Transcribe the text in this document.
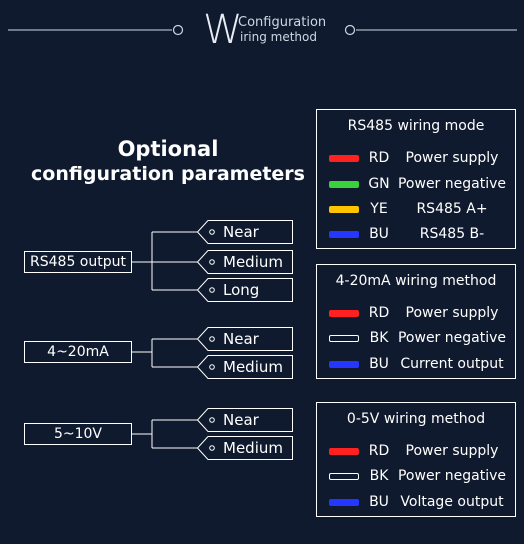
W
Configuration
iring method
Optional
configuration parameters
RS485 output
4~20mA
5~10V
Near
Medium
Long
Near
Medium
Near
Medium
RS485 wiring mode
RD	Power supply
GN Power negative
YE	RS485 A+
BU	RS485 B-
4-20mA wiring method
RD	Power supply
BK Power negative
BU Current output
0-5V wiring method
RD	Power supply
BK Power negative
BU Voltage output
